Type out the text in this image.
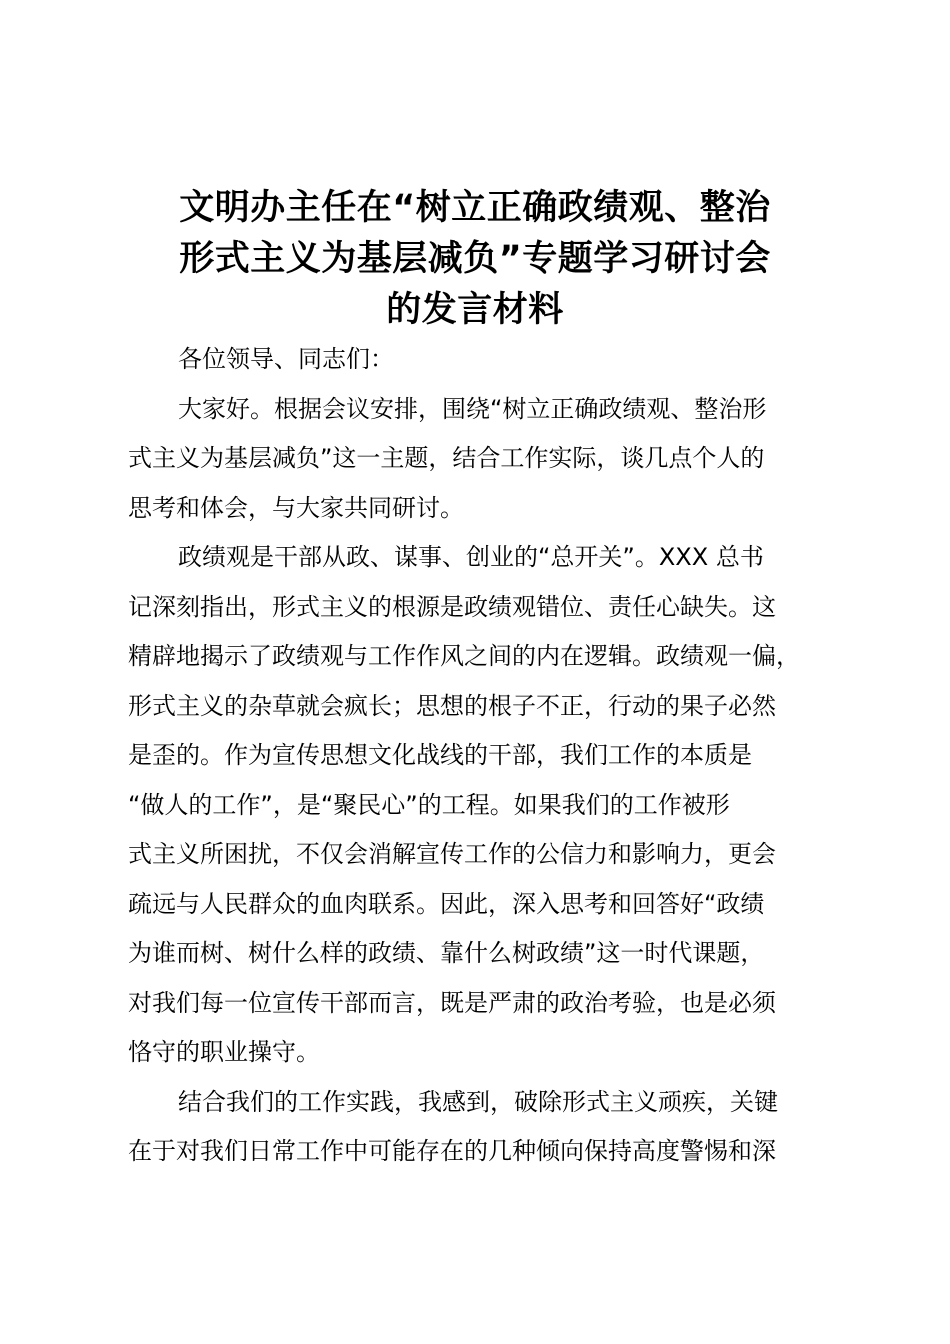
文明办主任在“树立正确政绩观、整治
形式主义为基层减负”专题学习研讨会
的发言材料
各位领导、同志们：
大家好。根据会议安排，围绕“树立正确政绩观、整治形
式主义为基层减负”这一主题，结合工作实际，谈几点个人的
思考和体会，与大家共同研讨。
政绩观是干部从政、谋事、创业的“总开关”。XXX 总书
记深刻指出，形式主义的根源是政绩观错位、责任心缺失。这
精辟地揭示了政绩观与工作作风之间的内在逻辑。政绩观一偏，
形式主义的杂草就会疯长；思想的根子不正，行动的果子必然
是歪的。作为宣传思想文化战线的干部，我们工作的本质是
“做人的工作”，是“聚民心”的工程。如果我们的工作被形
式主义所困扰，不仅会消解宣传工作的公信力和影响力，更会
疏远与人民群众的血肉联系。因此，深入思考和回答好“政绩
为谁而树、树什么样的政绩、靠什么树政绩”这一时代课题，
对我们每一位宣传干部而言，既是严肃的政治考验，也是必须
恪守的职业操守。
结合我们的工作实践，我感到，破除形式主义顽疾，关键
在于对我们日常工作中可能存在的几种倾向保持高度警惕和深
